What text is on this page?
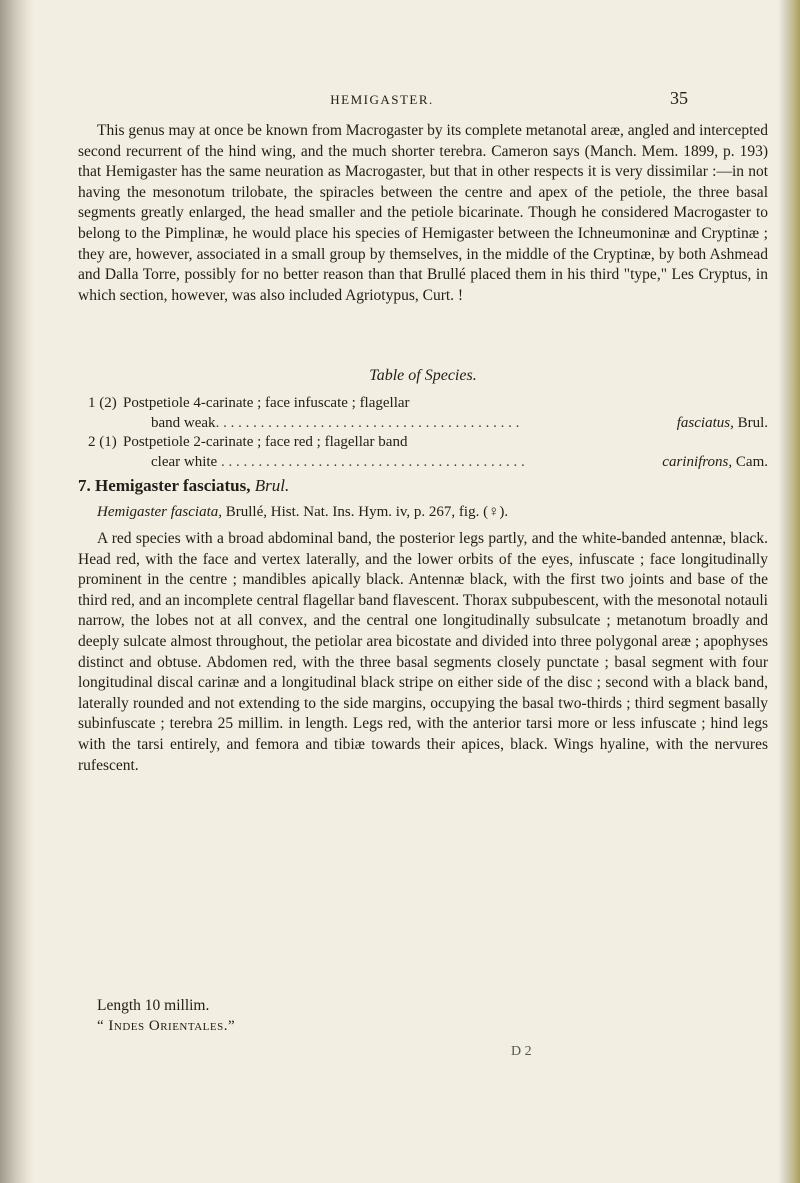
HEMIGASTER.	35

This genus may at once be known from Macrogaster by its complete metanotal areæ, angled and intercepted second recurrent of the hind wing, and the much shorter terebra. Cameron says (Manch. Mem. 1899, p. 193) that Hemigaster has the same neuration as Macrogaster, but that in other respects it is very dissimilar :—in not having the mesonotum trilobate, the spiracles between the centre and apex of the petiole, the three basal segments greatly enlarged, the head smaller and the petiole bicarinate. Though he considered Macrogaster to belong to the Pimplinæ, he would place his species of Hemigaster between the Ichneumoninæ and Cryptinæ ; they are, however, associated in a small group by themselves, in the middle of the Cryptinæ, by both Ashmead and Dalla Torre, possibly for no better reason than that Brullé placed them in his third "type," Les Cryptus, in which section, however, was also included Agriotypus, Curt. !

Table of Species.
1 (2) Postpetiole 4-carinate ; face infuscate ; flagellar
band weak. . . . . . . . . . . . . . . . . . . . . . . . . . . . . . . . . . . . . . . . .	fasciatus, Brul.
2 (1) Postpetiole 2-carinate ; face red ; flagellar band
clear white . . . . . . . . . . . . . . . . . . . . . . . . . . . . . . . . . . . . . . . . .	carinifrons, Cam.
7. Hemigaster fasciatus, Brul.
Hemigaster fasciata, Brullé, Hist. Nat. Ins. Hym. iv, p. 267, fig. (♀).

A red species with a broad abdominal band, the posterior legs partly, and the white-banded antennæ, black. Head red, with the face and vertex laterally, and the lower orbits of the eyes, infuscate ; face longitudinally prominent in the centre ; mandibles apically black. Antennæ black, with the first two joints and base of the third red, and an incomplete central flagellar band flavescent. Thorax subpubescent, with the mesonotal notauli narrow, the lobes not at all convex, and the central one longitudinally subsulcate ; metanotum broadly and deeply sulcate almost throughout, the petiolar area bicostate and divided into three polygonal areæ ; apophyses distinct and obtuse. Abdomen red, with the three basal segments closely punctate ; basal segment with four longitudinal discal carinæ and a longitudinal black stripe on either side of the disc ; second with a black band, laterally rounded and not extending to the side margins, occupying the basal two-thirds ; third segment basally subinfuscate ; terebra 25 millim. in length. Legs red, with the anterior tarsi more or less infuscate ; hind legs with the tarsi entirely, and femora and tibiæ towards their apices, black. Wings hyaline, with the nervures rufescent.

Length 10 millim.
“ Indes Orientales.”
D 2
